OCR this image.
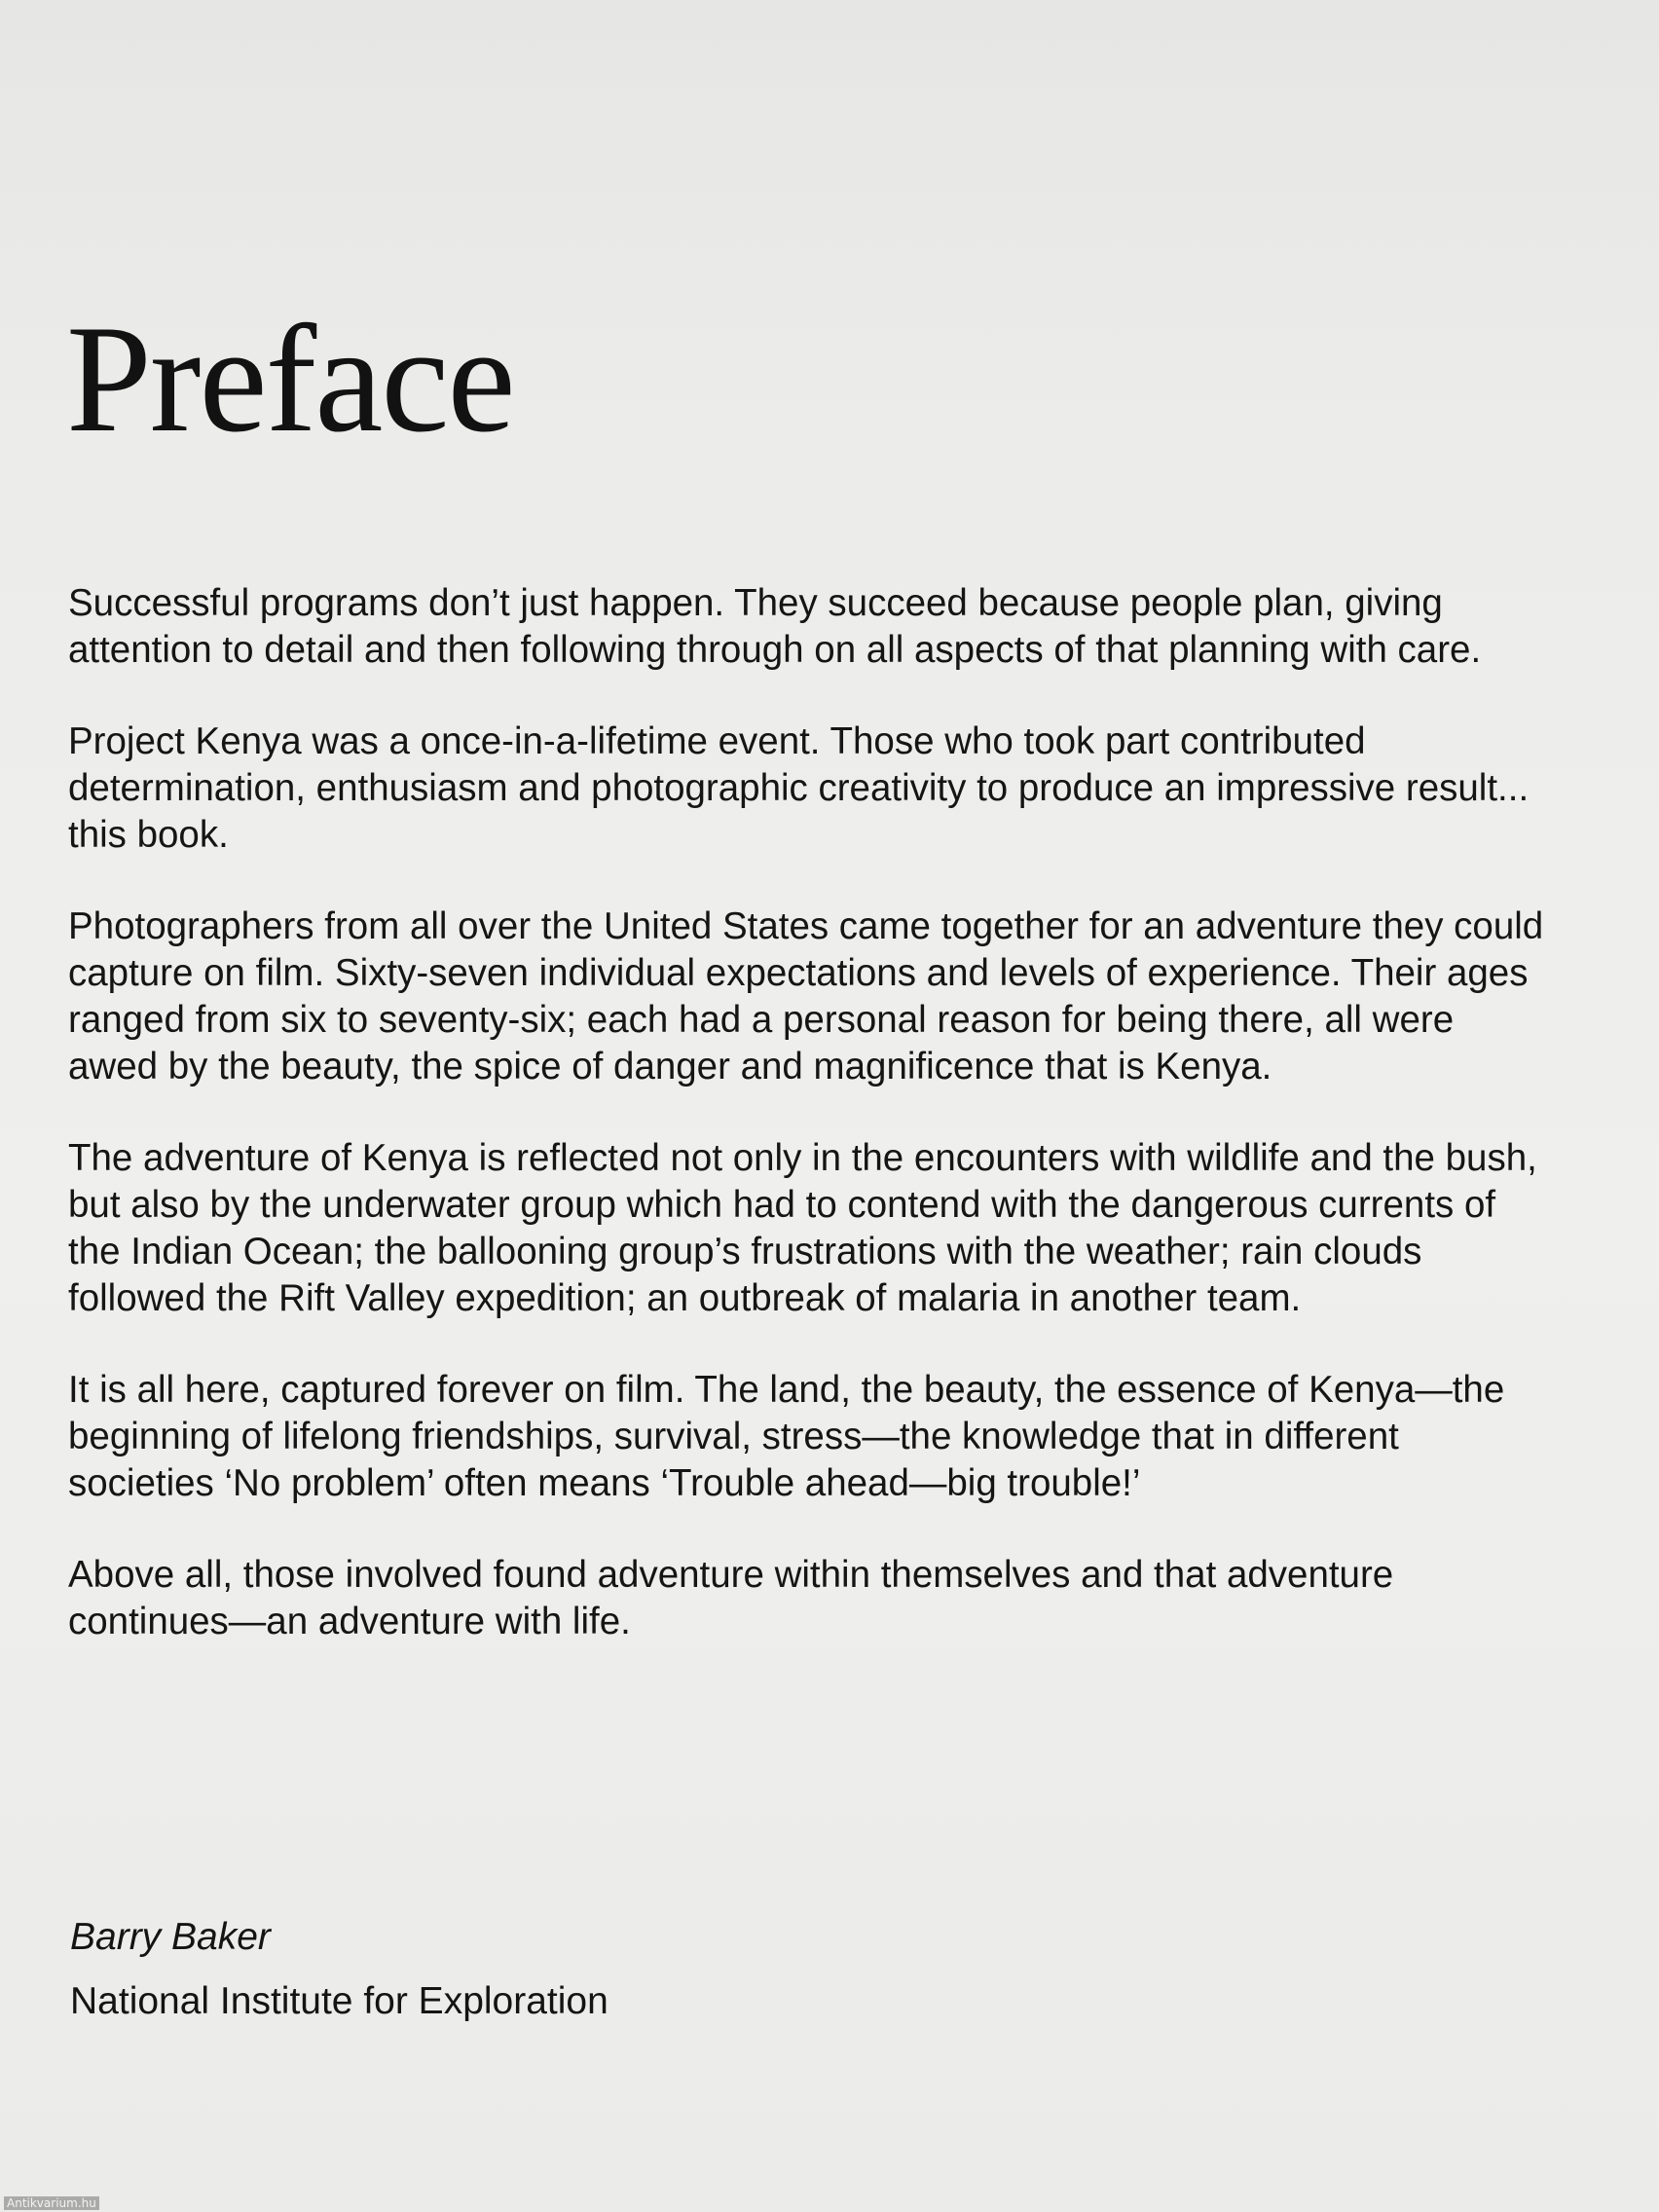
Preface

Successful programs don’t just happen. They succeed because people plan, giving attention to detail and then following through on all aspects of that planning with care.

Project Kenya was a once-in-a-lifetime event. Those who took part contributed determination, enthusiasm and photographic creativity to produce an impressive result... this book.

Photographers from all over the United States came together for an adventure they could capture on film. Sixty-seven individual expectations and levels of experience. Their ages ranged from six to seventy-six; each had a personal reason for being there, all were awed by the beauty, the spice of danger and magnificence that is Kenya.

The adventure of Kenya is reflected not only in the encounters with wildlife and the bush, but also by the underwater group which had to contend with the dangerous currents of the Indian Ocean; the ballooning group’s frustrations with the weather; rain clouds followed the Rift Valley expedition; an outbreak of malaria in another team.

It is all here, captured forever on film. The land, the beauty, the essence of Kenya—the beginning of lifelong friendships, survival, stress—the knowledge that in different societies ‘No problem’ often means ‘Trouble ahead—big trouble!’

Above all, those involved found adventure within themselves and that adventure continues—an adventure with life.

Barry Baker

National Institute for Exploration

Antikvarium.hu
